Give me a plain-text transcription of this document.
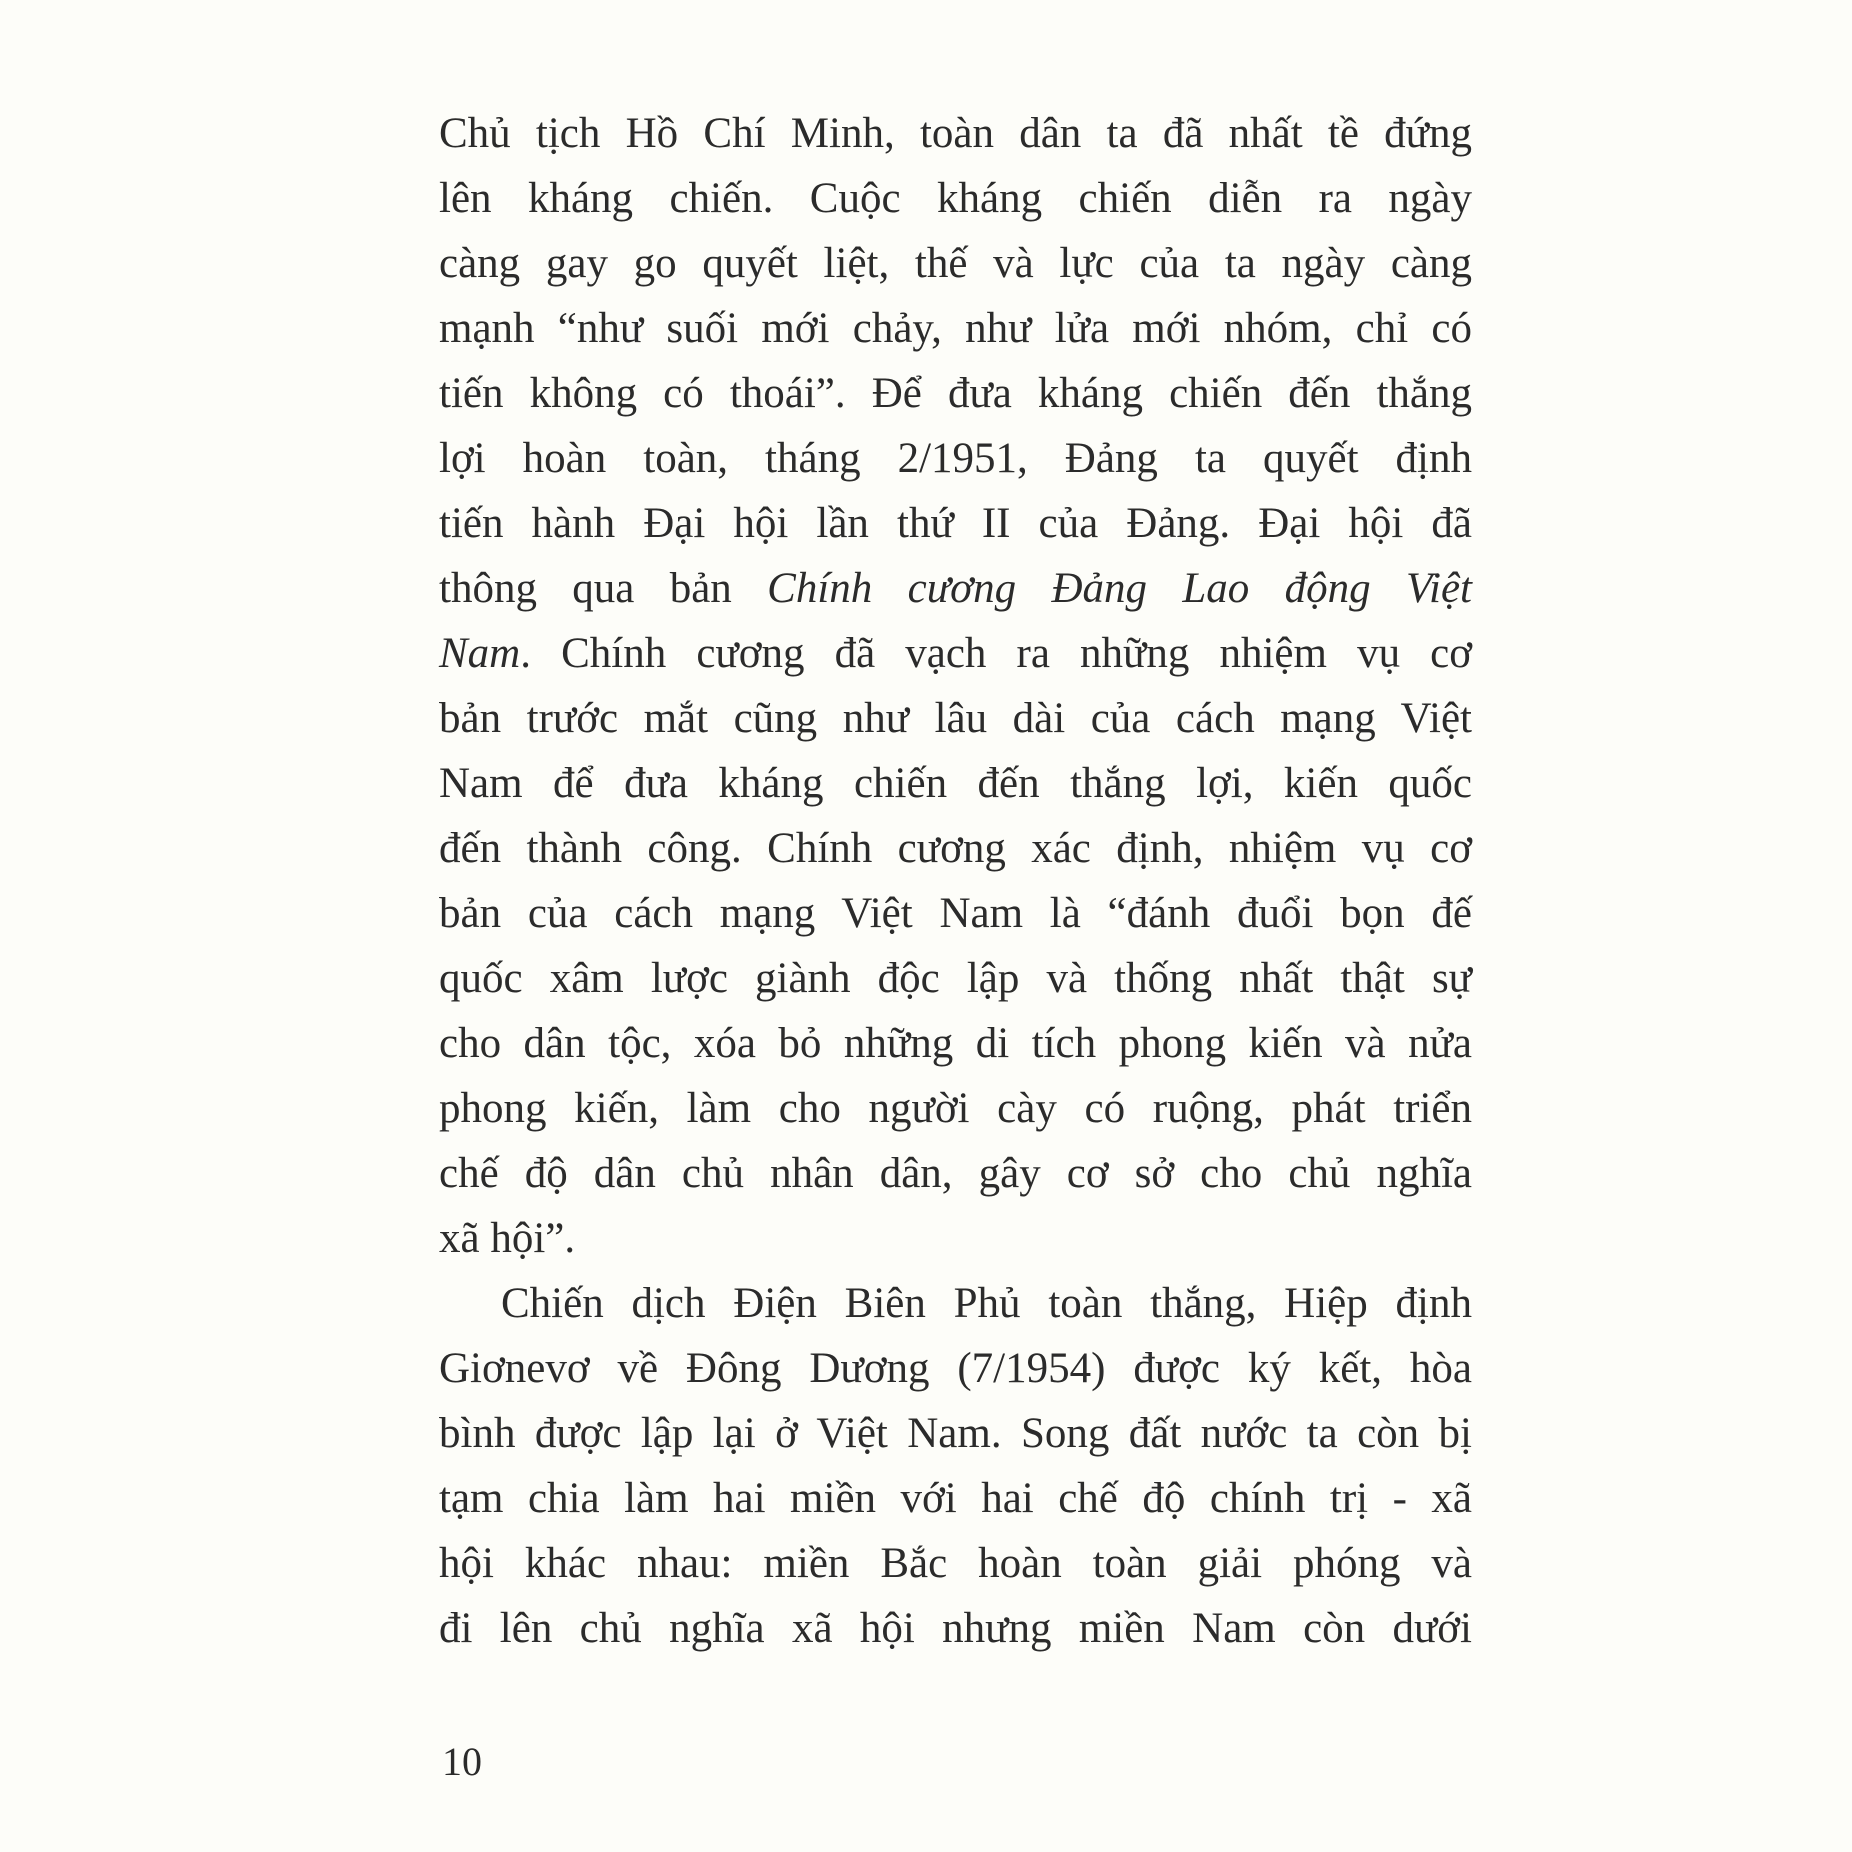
Chủ tịch Hồ Chí Minh, toàn dân ta đã nhất tề đứng
lên kháng chiến. Cuộc kháng chiến diễn ra ngày
càng gay go quyết liệt, thế và lực của ta ngày càng
mạnh “như suối mới chảy, như lửa mới nhóm, chỉ có
tiến không có thoái”. Để đưa kháng chiến đến thắng
lợi hoàn toàn, tháng 2/1951, Đảng ta quyết định
tiến hành Đại hội lần thứ II của Đảng. Đại hội đã
thông qua bản Chính cương Đảng Lao động Việt
Nam. Chính cương đã vạch ra những nhiệm vụ cơ
bản trước mắt cũng như lâu dài của cách mạng Việt
Nam để đưa kháng chiến đến thắng lợi, kiến quốc
đến thành công. Chính cương xác định, nhiệm vụ cơ
bản của cách mạng Việt Nam là “đánh đuổi bọn đế
quốc xâm lược giành độc lập và thống nhất thật sự
cho dân tộc, xóa bỏ những di tích phong kiến và nửa
phong kiến, làm cho người cày có ruộng, phát triển
chế độ dân chủ nhân dân, gây cơ sở cho chủ nghĩa
xã hội”.
Chiến dịch Điện Biên Phủ toàn thắng, Hiệp định
Giơnevơ về Đông Dương (7/1954) được ký kết, hòa
bình được lập lại ở Việt Nam. Song đất nước ta còn bị
tạm chia làm hai miền với hai chế độ chính trị - xã
hội khác nhau: miền Bắc hoàn toàn giải phóng và
đi lên chủ nghĩa xã hội nhưng miền Nam còn dưới
10
